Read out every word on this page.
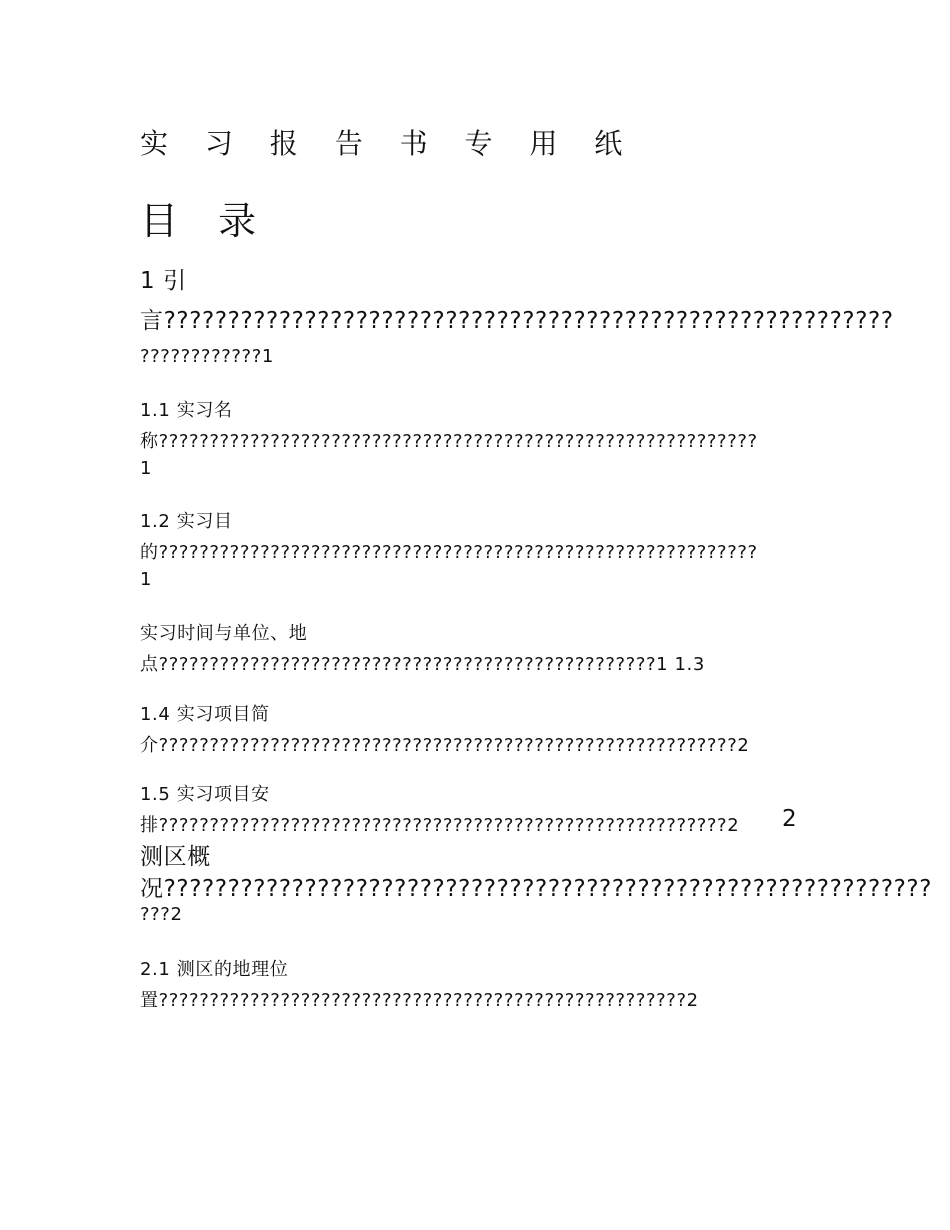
实 习 报 告 书 专 用 纸
目 录
1 引
言?????????????????????????????????????????????????????????
????????????1
1.1 实习名
称???????????????????????????????????????????????????????????
1
1.2 实习目
的???????????????????????????????????????????????????????????
1
实习时间与单位、地
点?????????????????????????????????????????????????1 1.3
1.4 实习项目简
介?????????????????????????????????????????????????????????2
1.5 实习项目安
排????????????????????????????????????????????????????????2 2
测区概
况????????????????????????????????????????????????????????????
???2
2.1 测区的地理位
置????????????????????????????????????????????????????2
